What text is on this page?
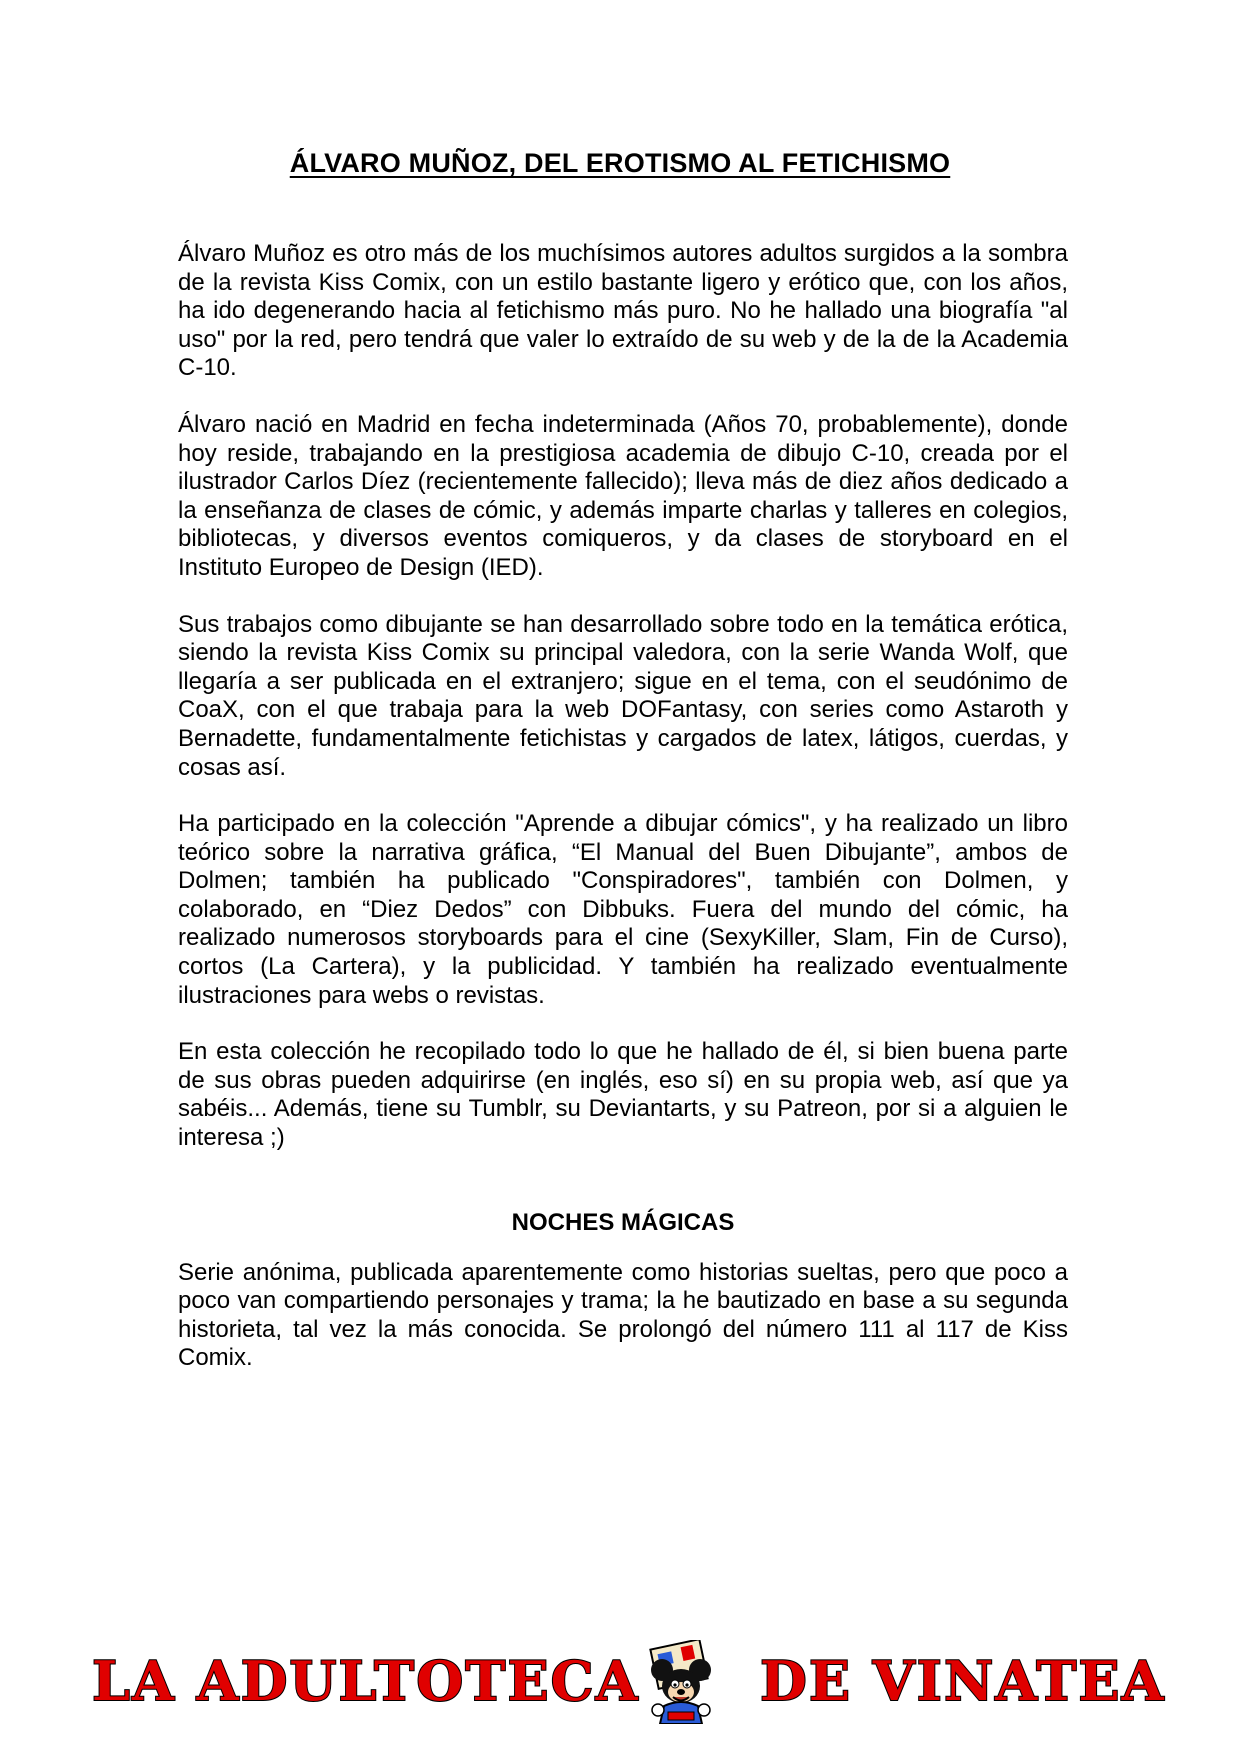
ÁLVARO MUÑOZ, DEL EROTISMO AL FETICHISMO

Álvaro Muñoz es otro más de los muchísimos autores adultos surgidos a la sombra de la revista Kiss Comix, con un estilo bastante ligero y erótico que, con los años, ha ido degenerando hacia al fetichismo más puro. No he hallado una biografía "al uso" por la red, pero tendrá que valer lo extraído de su web y de la de la Academia C-10.

Álvaro nació en Madrid en fecha indeterminada (Años 70, probablemente), donde hoy reside, trabajando en la prestigiosa academia de dibujo C-10, creada por el ilustrador Carlos Díez (recientemente fallecido); lleva más de diez años dedicado a la enseñanza de clases de cómic, y además imparte charlas y talleres en colegios, bibliotecas, y diversos eventos comiqueros, y da clases de storyboard en el Instituto Europeo de Design (IED).

Sus trabajos como dibujante se han desarrollado sobre todo en la temática erótica, siendo la revista Kiss Comix su principal valedora, con la serie Wanda Wolf, que llegaría a ser publicada en el extranjero; sigue en el tema, con el seudónimo de CoaX, con el que trabaja para la web DOFantasy, con series como Astaroth y Bernadette, fundamentalmente fetichistas y cargados de latex, látigos, cuerdas, y cosas así.

Ha participado en la colección "Aprende a dibujar cómics", y ha realizado un libro teórico sobre la narrativa gráfica, “El Manual del Buen Dibujante”, ambos de Dolmen; también ha publicado "Conspiradores", también con Dolmen, y colaborado, en “Diez Dedos” con Dibbuks. Fuera del mundo del cómic, ha realizado numerosos storyboards para el cine (SexyKiller, Slam, Fin de Curso), cortos (La Cartera), y la publicidad. Y también ha realizado eventualmente ilustraciones para webs o revistas.

En esta colección he recopilado todo lo que he hallado de él, si bien buena parte de sus obras pueden adquirirse (en inglés, eso sí) en su propia web, así que ya sabéis... Además, tiene su Tumblr, su Deviantarts, y su Patreon, por si a alguien le interesa ;)

NOCHES MÁGICAS

Serie anónima, publicada aparentemente como historias sueltas, pero que poco a poco van compartiendo personajes y trama; la he bautizado en base a su segunda historieta, tal vez la más conocida. Se prolongó del número 111 al 117 de Kiss Comix.

LA ADULTOTECA DE VINATEA
